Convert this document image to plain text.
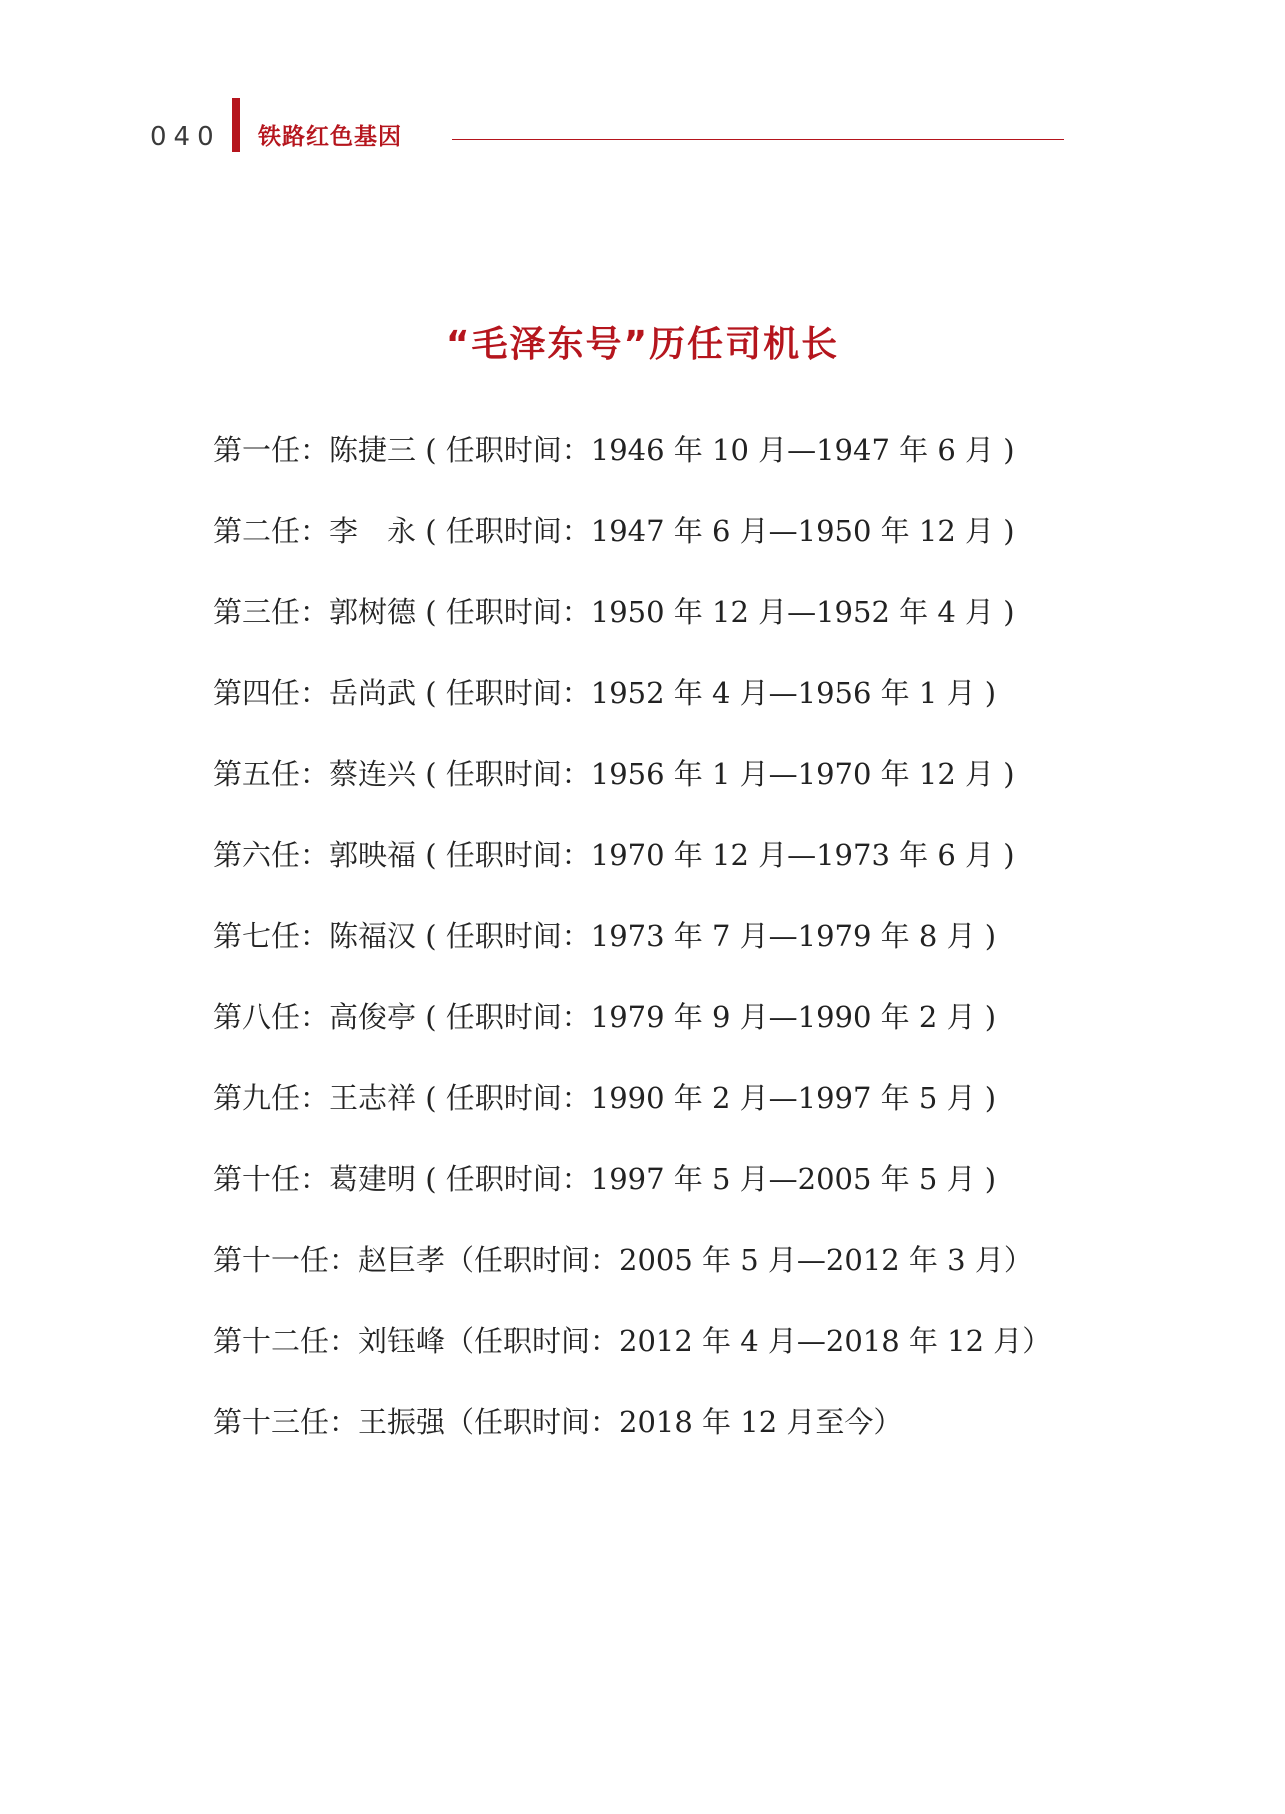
040 铁路红色基因
“毛泽东号”历任司机长
第一任：陈捷三 ( 任职时间：1946 年 10 月—1947 年 6 月 )
第二任：李　永 ( 任职时间：1947 年 6 月—1950 年 12 月 )
第三任：郭树德 ( 任职时间：1950 年 12 月—1952 年 4 月 )
第四任：岳尚武 ( 任职时间：1952 年 4 月—1956 年 1 月 )
第五任：蔡连兴 ( 任职时间：1956 年 1 月—1970 年 12 月 )
第六任：郭映福 ( 任职时间：1970 年 12 月—1973 年 6 月 )
第七任：陈福汉 ( 任职时间：1973 年 7 月—1979 年 8 月 )
第八任：高俊亭 ( 任职时间：1979 年 9 月—1990 年 2 月 )
第九任：王志祥 ( 任职时间：1990 年 2 月—1997 年 5 月 )
第十任：葛建明 ( 任职时间：1997 年 5 月—2005 年 5 月 )
第十一任：赵巨孝（任职时间：2005 年 5 月—2012 年 3 月）
第十二任：刘钰峰（任职时间：2012 年 4 月—2018 年 12 月）
第十三任：王振强（任职时间：2018 年 12 月至今）
